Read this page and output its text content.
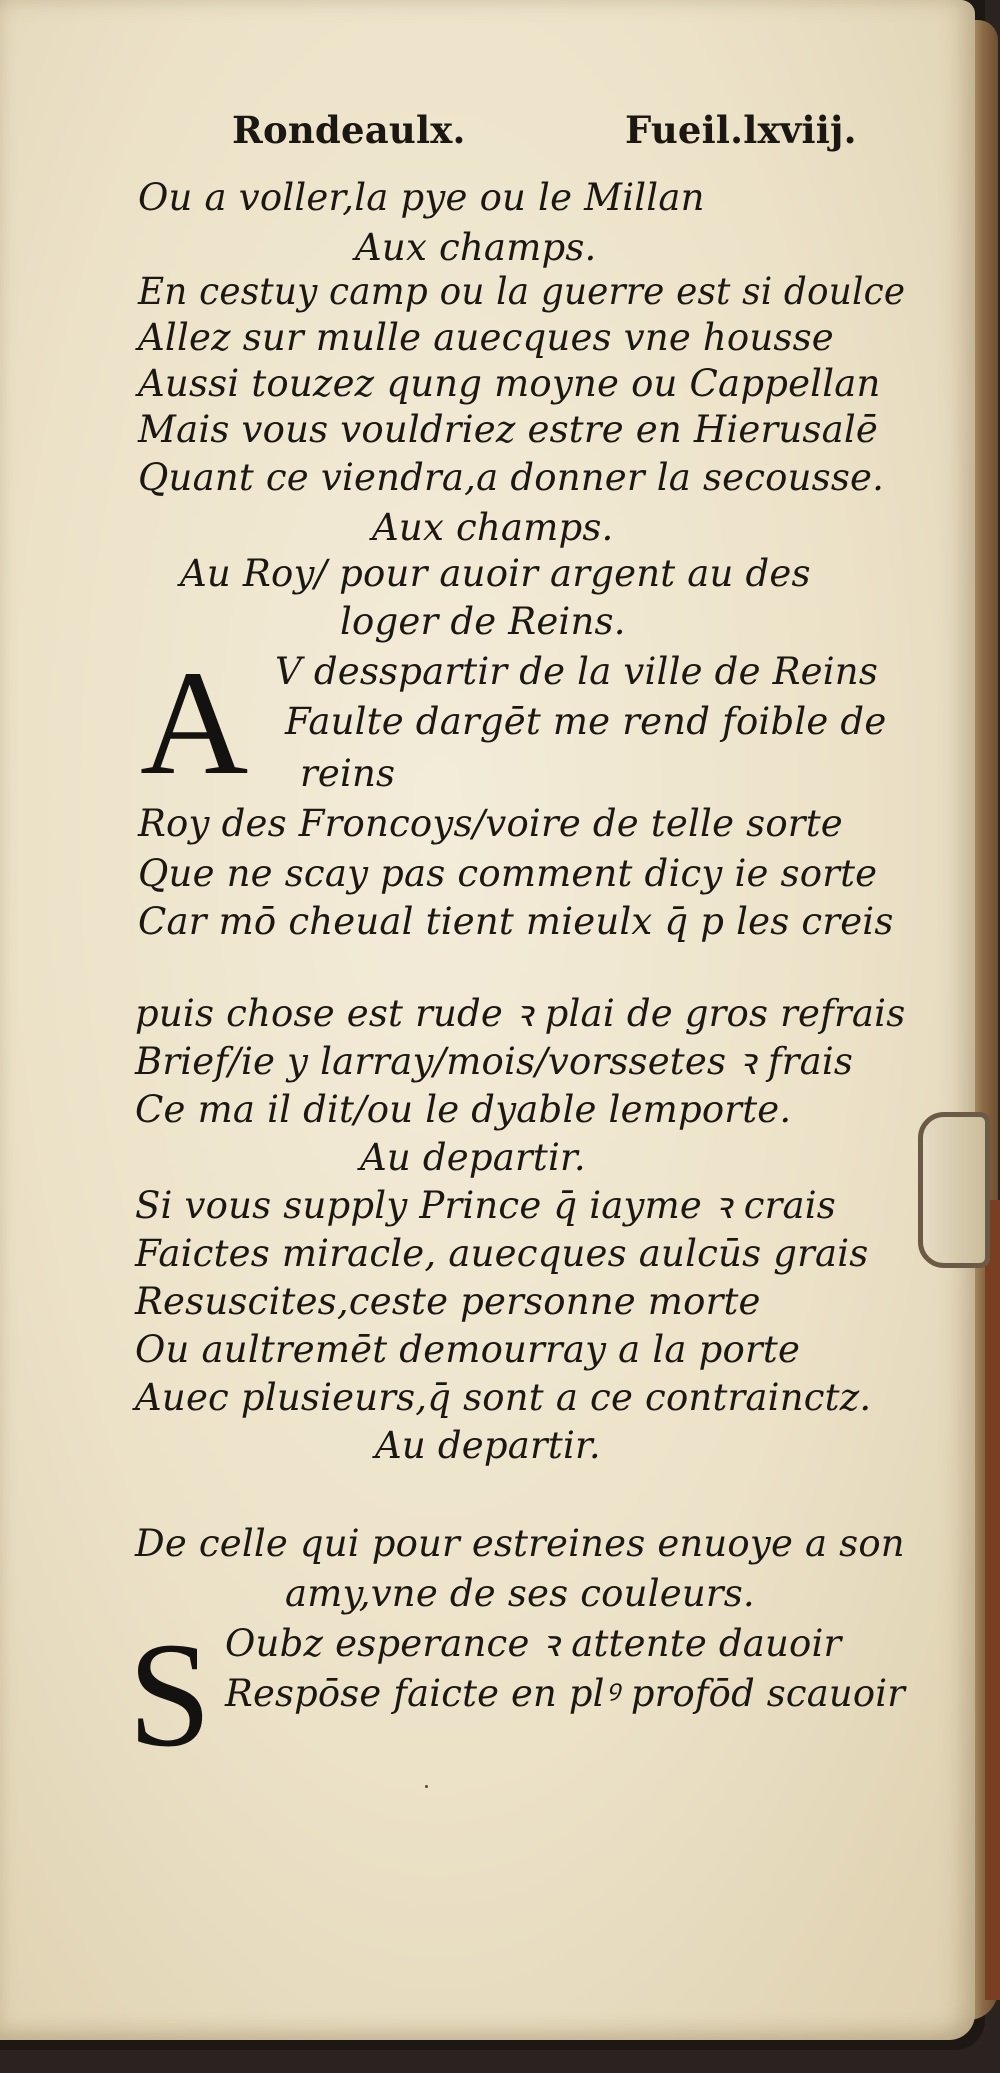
Rondeaulx.	Fueil.lxviij.
Ou a voller,la pye ou le Millan
Aux champs.
En cestuy camp ou la guerre est si doulce
Allez sur mulle auecques vne housse
Aussi touzez qung moyne ou Cappellan
Mais vous vouldriez estre en Hierusalē
Quant ce viendra,a donner la secousse.
Aux champs.
Au Roy/ pour auoir argent au des
loger de Reins.
A V desspartir de la ville de Reins
Faulte dargēt me rend foible de
reins
Roy des Froncoys/voire de telle sorte
Que ne scay pas comment dicy ie sorte
Car mō cheual tient mieulx q̄ p les creis
puis chose est rude ꝛ plai de gros refrais
Brief/ie y larray/mois/vorssetes ꝛ frais
Ce ma il dit/ou le dyable lemporte.
Au departir.
Si vous supply Prince q̄ iayme ꝛ crais
Faictes miracle, auecques aulcūs grais
Resuscites,ceste personne morte
Ou aultremēt demourray a la porte
Auec plusieurs,q̄ sont a ce contrainctz.
Au departir.
De celle qui pour estreines enuoye a son
amy,vne de ses couleurs.
S Oubz esperance ꝛ attente dauoir
Respōse faicte en plꝰ profōd scauoir
